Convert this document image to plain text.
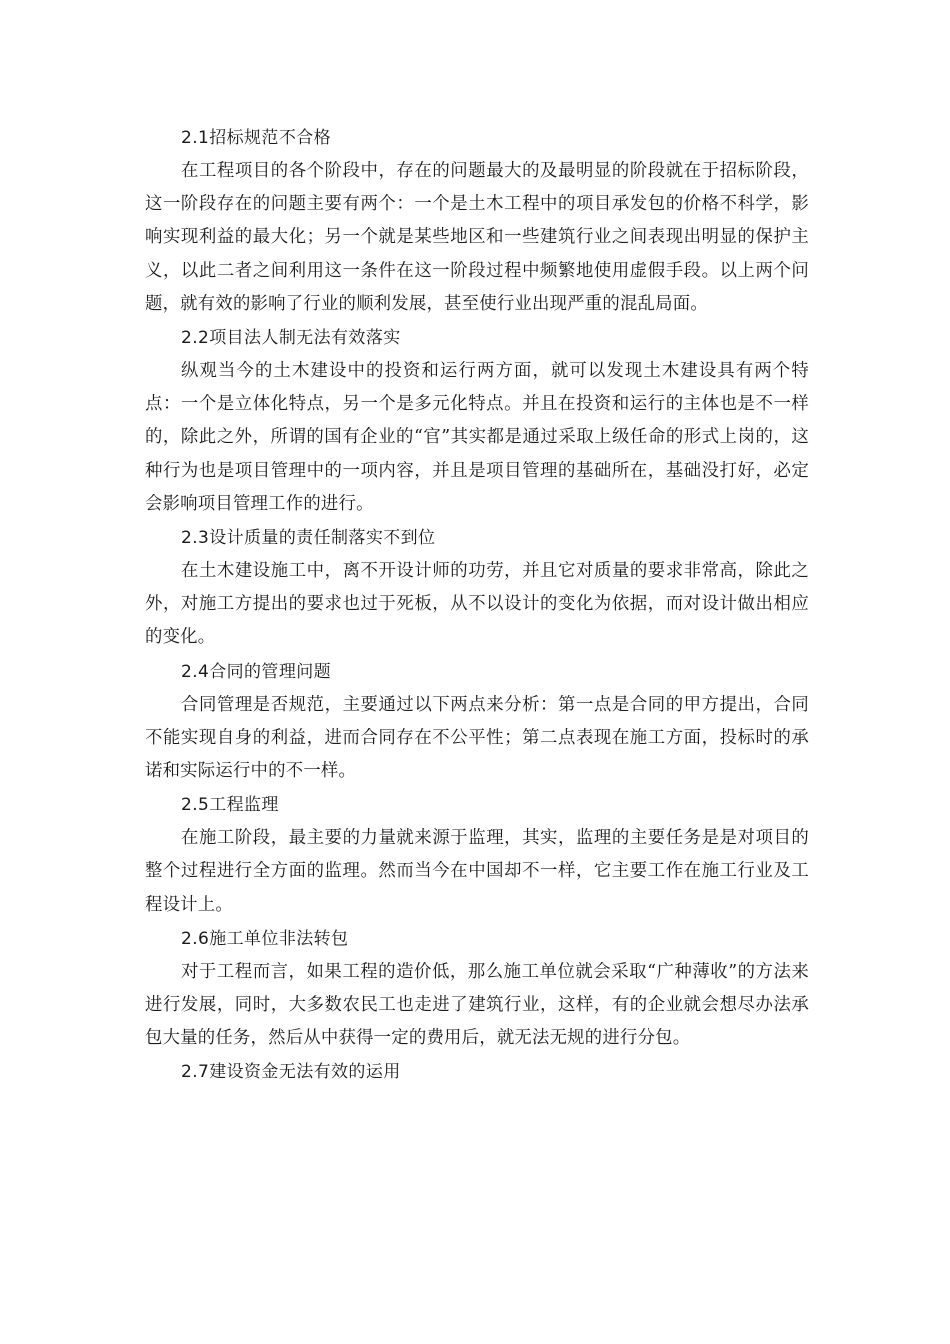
2.1招标规范不合格

在工程项目的各个阶段中，存在的问题最大的及最明显的阶段就在于招标阶段，这一阶段存在的问题主要有两个：一个是土木工程中的项目承发包的价格不科学，影响实现利益的最大化；另一个就是某些地区和一些建筑行业之间表现出明显的保护主义，以此二者之间利用这一条件在这一阶段过程中频繁地使用虚假手段。以上两个问题，就有效的影响了行业的顺利发展，甚至使行业出现严重的混乱局面。

2.2项目法人制无法有效落实

纵观当今的土木建设中的投资和运行两方面，就可以发现土木建设具有两个特点：一个是立体化特点，另一个是多元化特点。并且在投资和运行的主体也是不一样的，除此之外，所谓的国有企业的“官”其实都是通过采取上级任命的形式上岗的，这种行为也是项目管理中的一项内容，并且是项目管理的基础所在，基础没打好，必定会影响项目管理工作的进行。

2.3设计质量的责任制落实不到位

在土木建设施工中，离不开设计师的功劳，并且它对质量的要求非常高，除此之外，对施工方提出的要求也过于死板，从不以设计的变化为依据，而对设计做出相应的变化。

2.4合同的管理问题

合同管理是否规范，主要通过以下两点来分析：第一点是合同的甲方提出，合同不能实现自身的利益，进而合同存在不公平性；第二点表现在施工方面，投标时的承诺和实际运行中的不一样。

2.5工程监理

在施工阶段，最主要的力量就来源于监理，其实，监理的主要任务是是对项目的整个过程进行全方面的监理。然而当今在中国却不一样，它主要工作在施工行业及工程设计上。

2.6施工单位非法转包

对于工程而言，如果工程的造价低，那么施工单位就会采取“广种薄收”的方法来进行发展，同时，大多数农民工也走进了建筑行业，这样，有的企业就会想尽办法承包大量的任务，然后从中获得一定的费用后，就无法无规的进行分包。

2.7建设资金无法有效的运用
